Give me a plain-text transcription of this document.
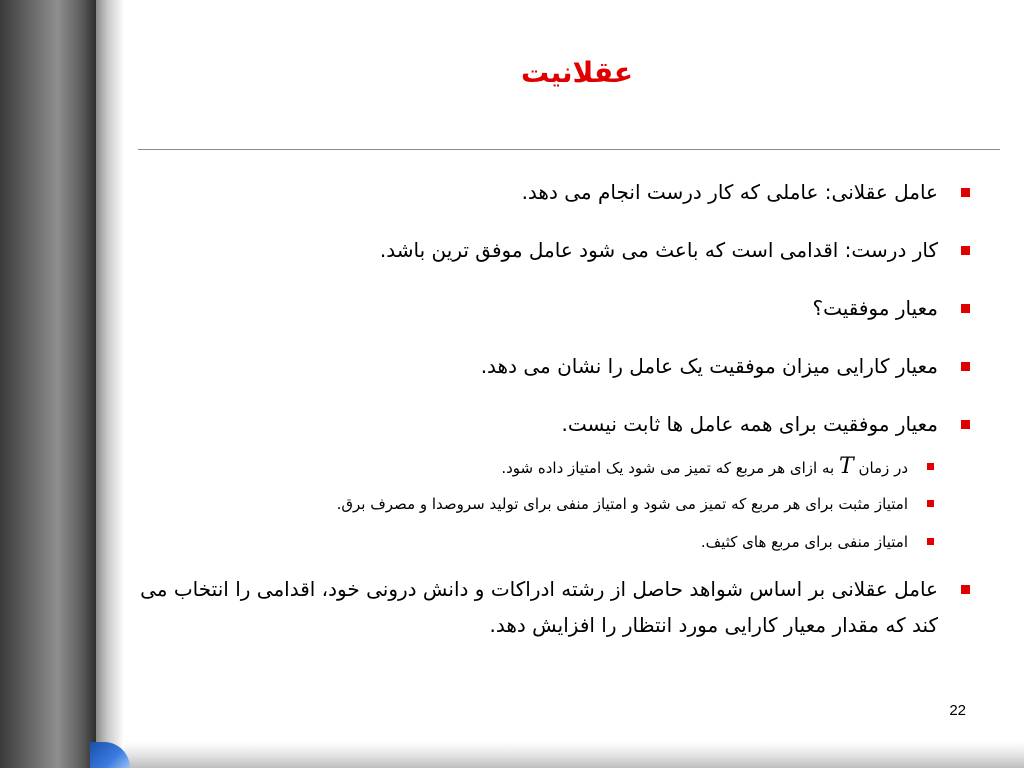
عقلانیت
عامل عقلانی: عاملی که کار درست انجام می دهد.
کار درست: اقدامی است که باعث می شود عامل موفق ترین باشد.
معیار موفقیت؟
معیار کارایی میزان موفقیت یک عامل را نشان می دهد.
معیار موفقیت برای همه عامل ها ثابت نیست.
در زمان T به ازای هر مربع که تمیز می شود یک امتیاز داده شود.
امتیاز مثبت برای هر مربع که تمیز می شود و امتیاز منفی برای تولید سروصدا و مصرف برق.
امتیاز منفی برای مربع های کثیف.
عامل عقلانی بر اساس شواهد حاصل از رشته ادراکات و دانش درونی خود، اقدامی را انتخاب می کند که مقدار معیار کارایی مورد انتظار را افزایش دهد.
22
